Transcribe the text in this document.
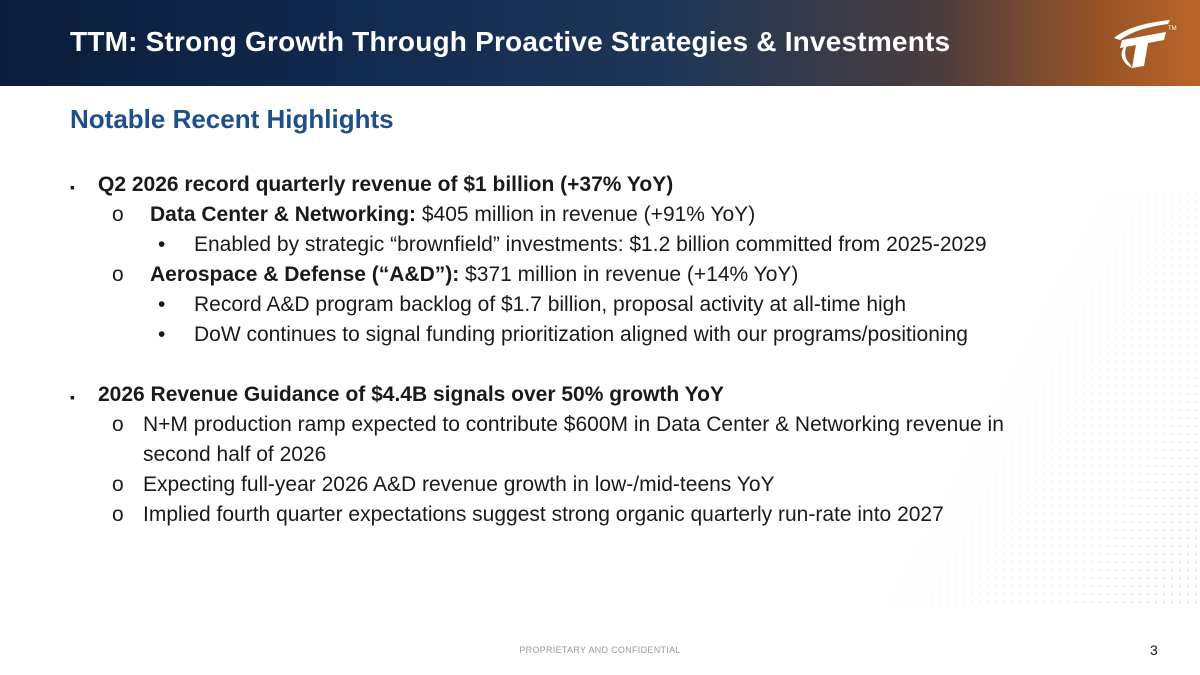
TTM: Strong Growth Through Proactive Strategies & Investments	TM
Notable Recent Highlights
▪ Q2 2026 record quarterly revenue of $1 billion (+37% YoY)
o Data Center & Networking: $405 million in revenue (+91% YoY)
• Enabled by strategic “brownfield” investments: $1.2 billion committed from 2025-2029
o Aerospace & Defense (“A&D”): $371 million in revenue (+14% YoY)
• Record A&D program backlog of $1.7 billion, proposal activity at all-time high
• DoW continues to signal funding prioritization aligned with our programs/positioning
▪ 2026 Revenue Guidance of $4.4B signals over 50% growth YoY
o N+M production ramp expected to contribute $600M in Data Center & Networking revenue in
second half of 2026
o Expecting full-year 2026 A&D revenue growth in low-/mid-teens YoY
o Implied fourth quarter expectations suggest strong organic quarterly run-rate into 2027
PROPRIETARY AND CONFIDENTIAL	3
